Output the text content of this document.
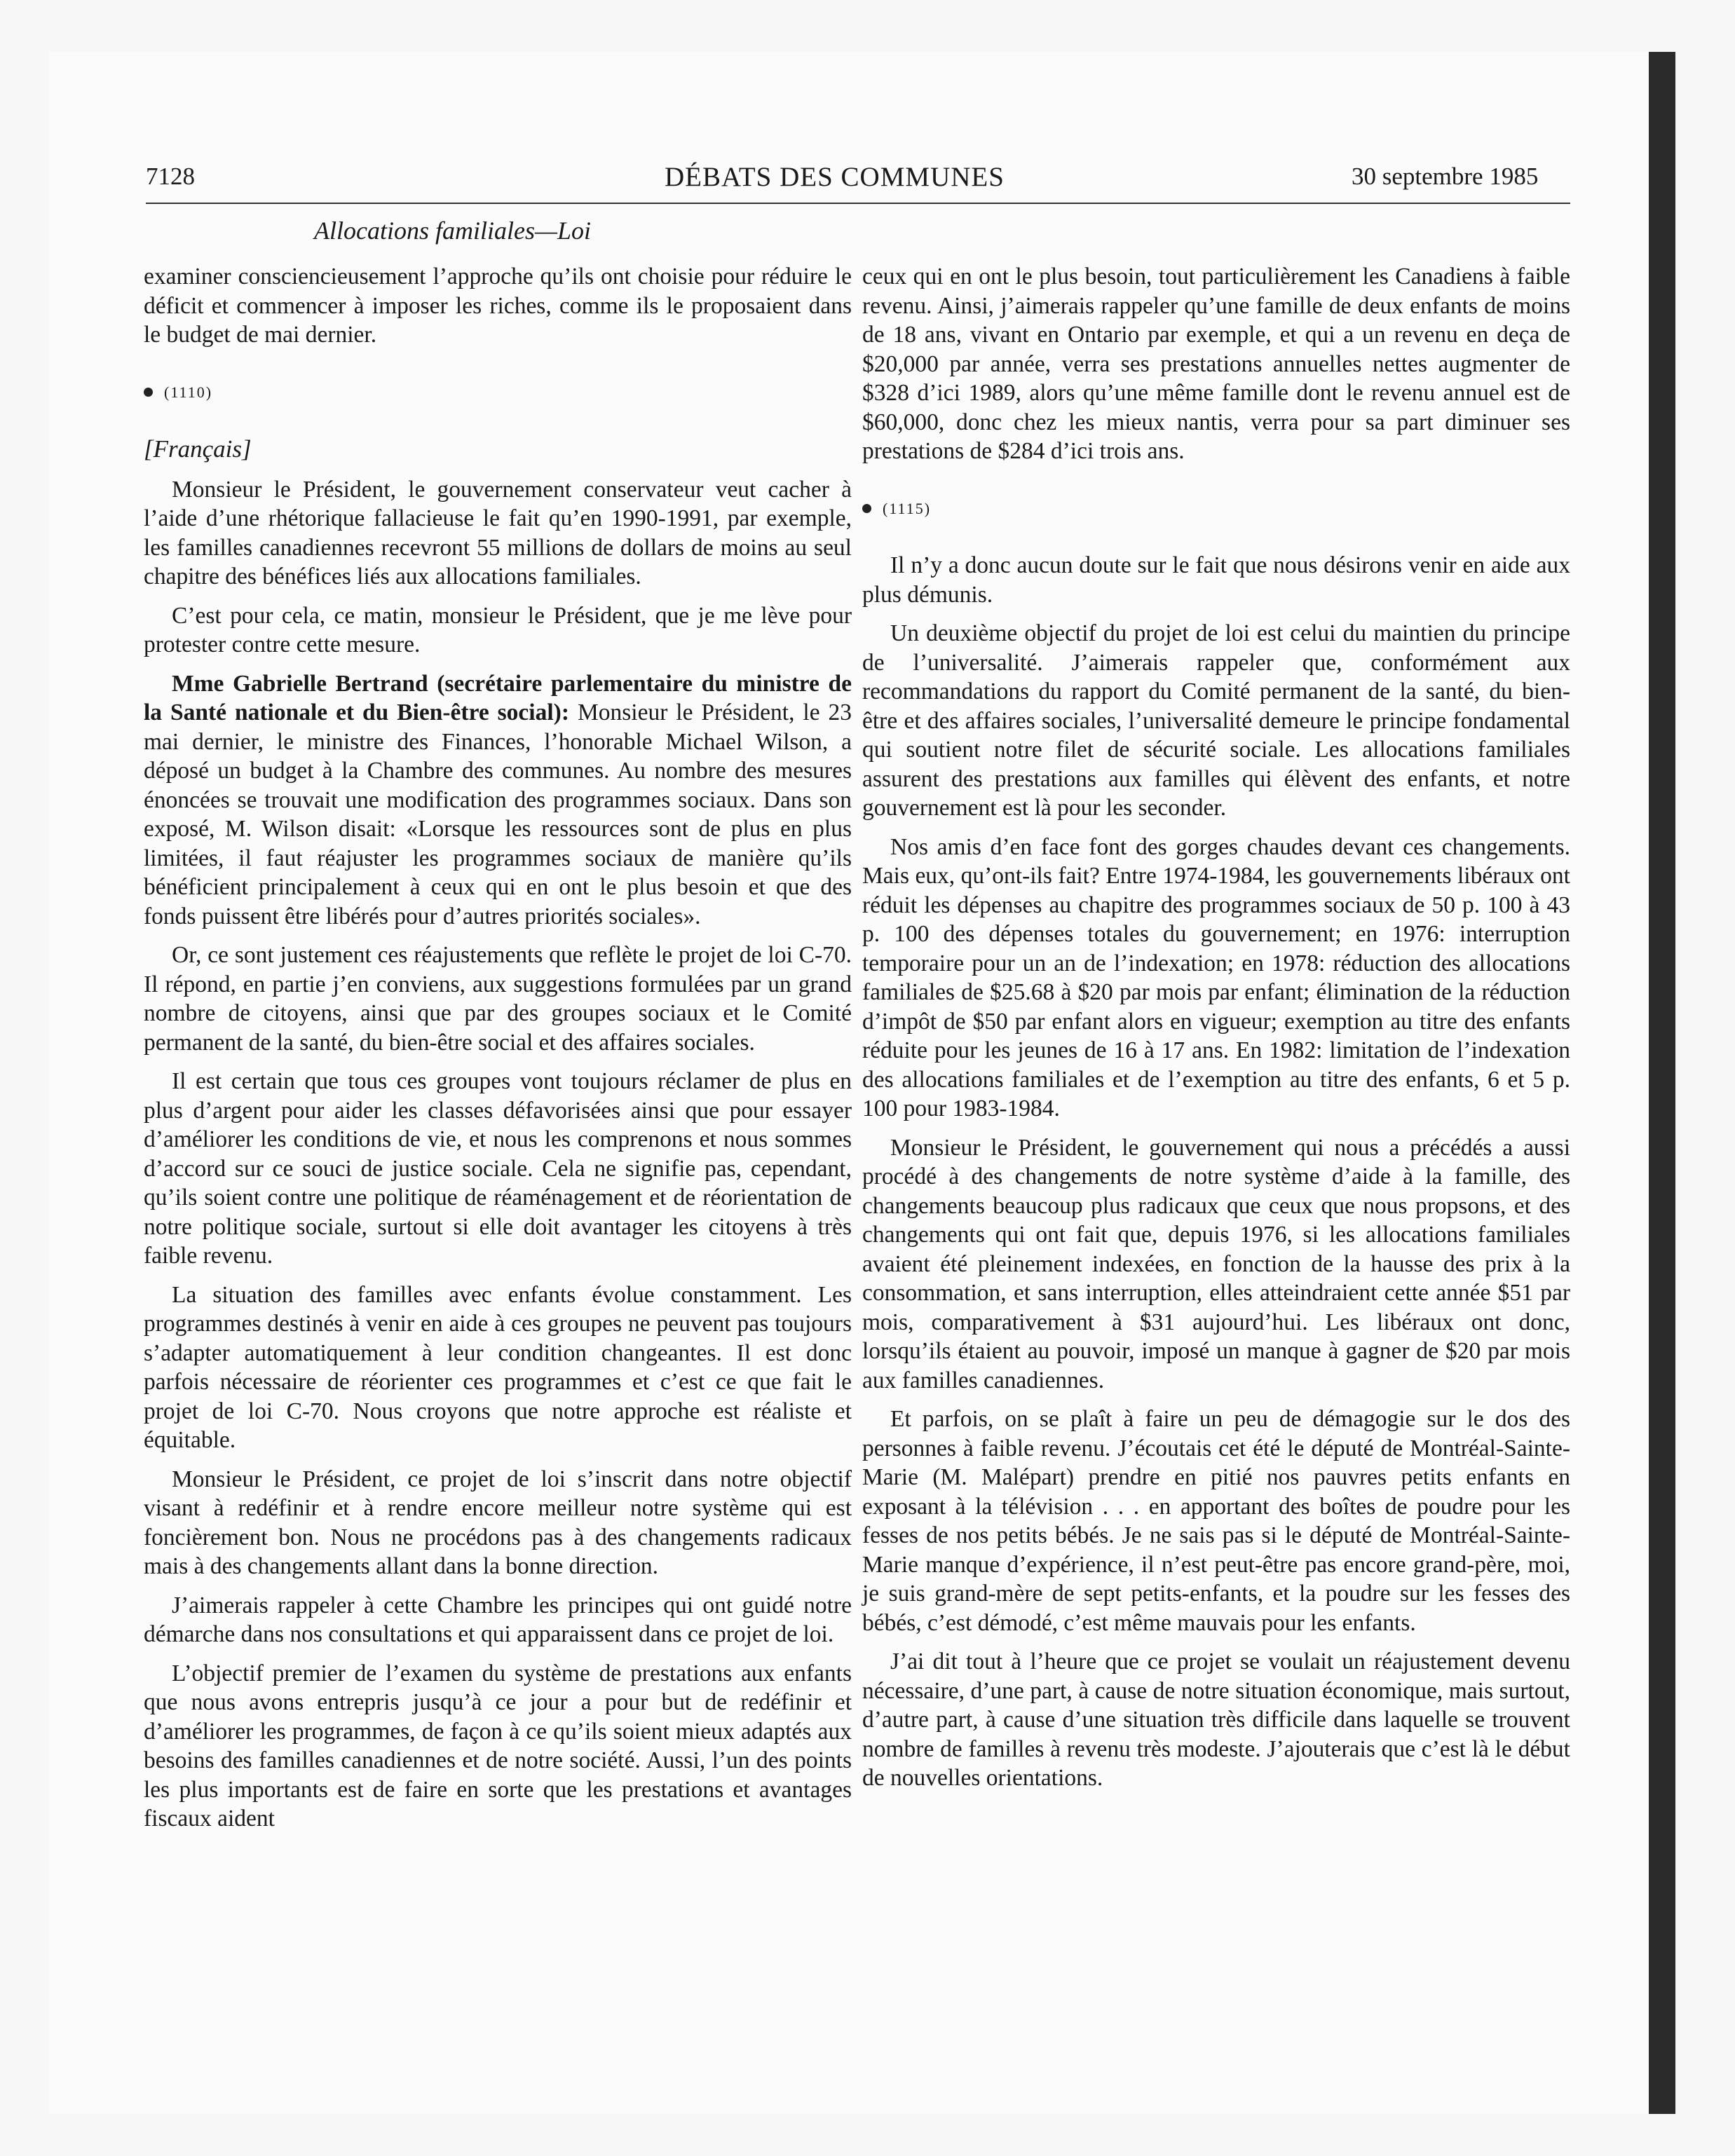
7128	DÉBATS DES COMMUNES	30 septembre 1985
Allocations familiales—Loi

examiner consciencieusement l’approche qu’ils ont choisie pour réduire le déficit et commencer à imposer les riches, comme ils le proposaient dans le budget de mai dernier.

(1110)
[Français]

Monsieur le Président, le gouvernement conservateur veut cacher à l’aide d’une rhétorique fallacieuse le fait qu’en 1990-1991, par exemple, les familles canadiennes recevront 55 millions de dollars de moins au seul chapitre des bénéfices liés aux allocations familiales.

C’est pour cela, ce matin, monsieur le Président, que je me lève pour protester contre cette mesure.

Mme Gabrielle Bertrand (secrétaire parlementaire du ministre de la Santé nationale et du Bien-être social): Monsieur le Président, le 23 mai dernier, le ministre des Finances, l’honorable Michael Wilson, a déposé un budget à la Chambre des communes. Au nombre des mesures énoncées se trouvait une modification des programmes sociaux. Dans son exposé, M. Wilson disait: «Lorsque les ressources sont de plus en plus limitées, il faut réajuster les programmes sociaux de manière qu’ils bénéficient principalement à ceux qui en ont le plus besoin et que des fonds puissent être libérés pour d’autres priorités sociales».

Or, ce sont justement ces réajustements que reflète le projet de loi C-70. Il répond, en partie j’en conviens, aux suggestions formulées par un grand nombre de citoyens, ainsi que par des groupes sociaux et le Comité permanent de la santé, du bien-être social et des affaires sociales.

Il est certain que tous ces groupes vont toujours réclamer de plus en plus d’argent pour aider les classes défavorisées ainsi que pour essayer d’améliorer les conditions de vie, et nous les comprenons et nous sommes d’accord sur ce souci de justice sociale. Cela ne signifie pas, cependant, qu’ils soient contre une politique de réaménagement et de réorientation de notre politique sociale, surtout si elle doit avantager les citoyens à très faible revenu.

La situation des familles avec enfants évolue constamment. Les programmes destinés à venir en aide à ces groupes ne peuvent pas toujours s’adapter automatiquement à leur condition changeantes. Il est donc parfois nécessaire de réorienter ces programmes et c’est ce que fait le projet de loi C-70. Nous croyons que notre approche est réaliste et équitable.

Monsieur le Président, ce projet de loi s’inscrit dans notre objectif visant à redéfinir et à rendre encore meilleur notre système qui est foncièrement bon. Nous ne procédons pas à des changements radicaux mais à des changements allant dans la bonne direction.

J’aimerais rappeler à cette Chambre les principes qui ont guidé notre démarche dans nos consultations et qui apparaissent dans ce projet de loi.

L’objectif premier de l’examen du système de prestations aux enfants que nous avons entrepris jusqu’à ce jour a pour but de redéfinir et d’améliorer les programmes, de façon à ce qu’ils soient mieux adaptés aux besoins des familles canadiennes et de notre société. Aussi, l’un des points les plus importants est de faire en sorte que les prestations et avantages fiscaux aident

ceux qui en ont le plus besoin, tout particulièrement les Canadiens à faible revenu. Ainsi, j’aimerais rappeler qu’une famille de deux enfants de moins de 18 ans, vivant en Ontario par exemple, et qui a un revenu en deça de $20,000 par année, verra ses prestations annuelles nettes augmenter de $328 d’ici 1989, alors qu’une même famille dont le revenu annuel est de $60,000, donc chez les mieux nantis, verra pour sa part diminuer ses prestations de $284 d’ici trois ans.

(1115)

Il n’y a donc aucun doute sur le fait que nous désirons venir en aide aux plus démunis.

Un deuxième objectif du projet de loi est celui du maintien du principe de l’universalité. J’aimerais rappeler que, conformément aux recommandations du rapport du Comité permanent de la santé, du bien-être et des affaires sociales, l’universalité demeure le principe fondamental qui soutient notre filet de sécurité sociale. Les allocations familiales assurent des prestations aux familles qui élèvent des enfants, et notre gouvernement est là pour les seconder.

Nos amis d’en face font des gorges chaudes devant ces changements. Mais eux, qu’ont-ils fait? Entre 1974-1984, les gouvernements libéraux ont réduit les dépenses au chapitre des programmes sociaux de 50 p. 100 à 43 p. 100 des dépenses totales du gouvernement; en 1976: interruption temporaire pour un an de l’indexation; en 1978: réduction des allocations familiales de $25.68 à $20 par mois par enfant; élimination de la réduction d’impôt de $50 par enfant alors en vigueur; exemption au titre des enfants réduite pour les jeunes de 16 à 17 ans. En 1982: limitation de l’indexation des allocations familiales et de l’exemption au titre des enfants, 6 et 5 p. 100 pour 1983-1984.

Monsieur le Président, le gouvernement qui nous a précédés a aussi procédé à des changements de notre système d’aide à la famille, des changements beaucoup plus radicaux que ceux que nous propsons, et des changements qui ont fait que, depuis 1976, si les allocations familiales avaient été pleinement indexées, en fonction de la hausse des prix à la consommation, et sans interruption, elles atteindraient cette année $51 par mois, comparativement à $31 aujourd’hui. Les libéraux ont donc, lorsqu’ils étaient au pouvoir, imposé un manque à gagner de $20 par mois aux familles canadiennes.

Et parfois, on se plaît à faire un peu de démagogie sur le dos des personnes à faible revenu. J’écoutais cet été le député de Montréal-Sainte-Marie (M. Malépart) prendre en pitié nos pauvres petits enfants en exposant à la télévision . . . en apportant des boîtes de poudre pour les fesses de nos petits bébés. Je ne sais pas si le député de Montréal-Sainte-Marie manque d’expérience, il n’est peut-être pas encore grand-père, moi, je suis grand-mère de sept petits-enfants, et la poudre sur les fesses des bébés, c’est démodé, c’est même mauvais pour les enfants.

J’ai dit tout à l’heure que ce projet se voulait un réajustement devenu nécessaire, d’une part, à cause de notre situation économique, mais surtout, d’autre part, à cause d’une situation très difficile dans laquelle se trouvent nombre de familles à revenu très modeste. J’ajouterais que c’est là le début de nouvelles orientations.
